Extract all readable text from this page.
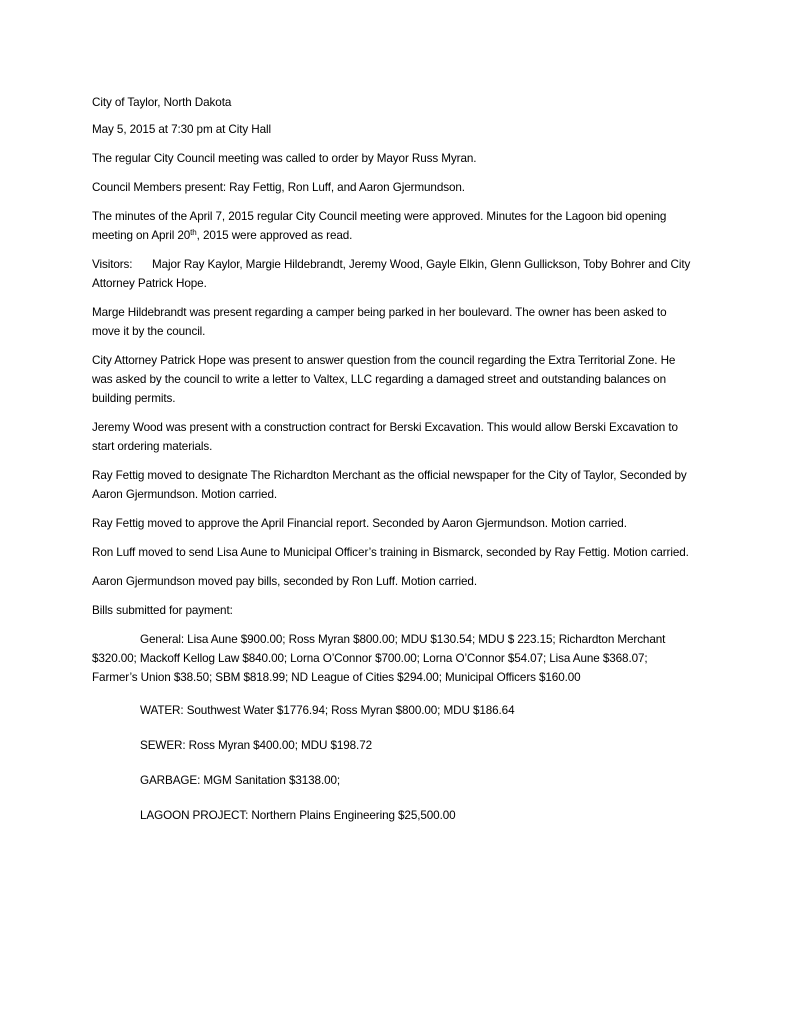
City of Taylor, North Dakota

May 5, 2015 at 7:30 pm at City Hall

The regular City Council meeting was called to order by Mayor Russ Myran.

Council Members present: Ray Fettig, Ron Luff, and Aaron Gjermundson.

The minutes of the April 7, 2015 regular City Council meeting were approved. Minutes for the Lagoon bid opening meeting on April 20th, 2015 were approved as read.

Visitors: Major Ray Kaylor, Margie Hildebrandt, Jeremy Wood, Gayle Elkin, Glenn Gullickson, Toby Bohrer and City Attorney Patrick Hope.

Marge Hildebrandt was present regarding a camper being parked in her boulevard. The owner has been asked to move it by the council.

City Attorney Patrick Hope was present to answer question from the council regarding the Extra Territorial Zone. He was asked by the council to write a letter to Valtex, LLC regarding a damaged street and outstanding balances on building permits.

Jeremy Wood was present with a construction contract for Berski Excavation. This would allow Berski Excavation to start ordering materials.

Ray Fettig moved to designate The Richardton Merchant as the official newspaper for the City of Taylor, Seconded by Aaron Gjermundson. Motion carried.

Ray Fettig moved to approve the April Financial report. Seconded by Aaron Gjermundson. Motion carried.

Ron Luff moved to send Lisa Aune to Municipal Officer’s training in Bismarck, seconded by Ray Fettig. Motion carried.

Aaron Gjermundson moved pay bills, seconded by Ron Luff. Motion carried.

Bills submitted for payment:

General: Lisa Aune $900.00; Ross Myran $800.00; MDU $130.54; MDU $ 223.15; Richardton Merchant $320.00; Mackoff Kellog Law $840.00; Lorna O’Connor $700.00; Lorna O’Connor $54.07; Lisa Aune $368.07; Farmer’s Union $38.50; SBM $818.99; ND League of Cities $294.00; Municipal Officers $160.00

WATER: Southwest Water $1776.94; Ross Myran $800.00; MDU $186.64

SEWER: Ross Myran $400.00; MDU $198.72

GARBAGE: MGM Sanitation $3138.00;

LAGOON PROJECT: Northern Plains Engineering $25,500.00
